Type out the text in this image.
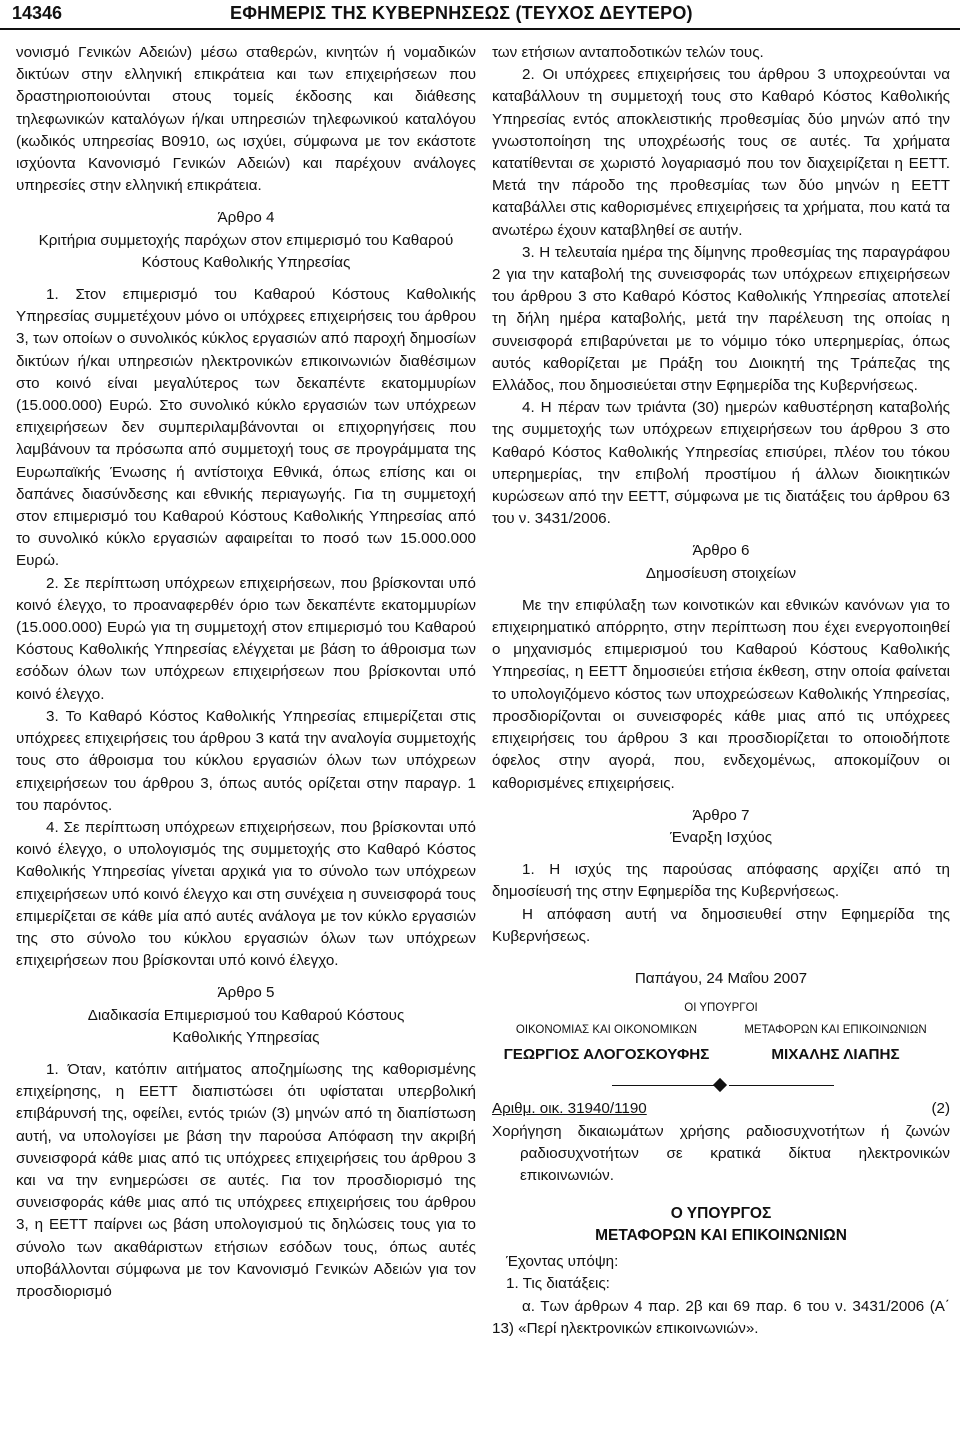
14346	ΕΦΗΜΕΡΙΣ ΤΗΣ ΚΥΒΕΡΝΗΣΕΩΣ (ΤΕΥΧΟΣ ΔΕΥΤΕΡΟ)

νονισμό Γενικών Αδειών) μέσω σταθερών, κινητών ή νομαδικών δικτύων στην ελληνική επικράτεια και των επιχειρήσεων που δραστηριοποιούνται στους τομείς έκδοσης και διάθεσης τηλεφωνικών καταλόγων ή/και υπηρεσιών τηλεφωνικού καταλόγου (κωδικός υπηρεσίας Β0910, ως ισχύει, σύμφωνα με τον εκάστοτε ισχύοντα Κανονισμό Γενικών Αδειών) και παρέχουν ανάλογες υπηρεσίες στην ελληνική επικράτεια.

Άρθρο 4

Κριτήρια συμμετοχής παρόχων στον επιμερισμό του Καθαρού Κόστους Καθολικής Υπηρεσίας

1. Στον επιμερισμό του Καθαρού Κόστους Καθολικής Υπηρεσίας συμμετέχουν μόνο οι υπόχρεες επιχειρήσεις του άρθρου 3, των οποίων ο συνολικός κύκλος εργασιών από παροχή δημοσίων δικτύων ή/και υπηρεσιών ηλεκτρονικών επικοινωνιών διαθέσιμων στο κοινό είναι μεγαλύτερος των δεκαπέντε εκατομμυρίων (15.000.000) Ευρώ. Στο συνολικό κύκλο εργασιών των υπόχρεων επιχειρήσεων δεν συμπεριλαμβάνονται οι επιχορηγήσεις που λαμβάνουν τα πρόσωπα από συμμετοχή τους σε προγράμματα της Ευρωπαϊκής Ένωσης ή αντίστοιχα Εθνικά, όπως επίσης και οι δαπάνες διασύνδεσης και εθνικής περιαγωγής. Για τη συμμετοχή στον επιμερισμό του Καθαρού Κόστους Καθολικής Υπηρεσίας από το συνολικό κύκλο εργασιών αφαιρείται το ποσό των 15.000.000 Ευρώ.

2. Σε περίπτωση υπόχρεων επιχειρήσεων, που βρίσκονται υπό κοινό έλεγχο, το προαναφερθέν όριο των δεκαπέντε εκατομμυρίων (15.000.000) Ευρώ για τη συμμετοχή στον επιμερισμό του Καθαρού Κόστους Καθολικής Υπηρεσίας ελέγχεται με βάση το άθροισμα των εσόδων όλων των υπόχρεων επιχειρήσεων που βρίσκονται υπό κοινό έλεγχο.

3. Το Καθαρό Κόστος Καθολικής Υπηρεσίας επιμερίζεται στις υπόχρεες επιχειρήσεις του άρθρου 3 κατά την αναλογία συμμετοχής τους στο άθροισμα του κύκλου εργασιών όλων των υπόχρεων επιχειρήσεων του άρθρου 3, όπως αυτός ορίζεται στην παραγρ. 1 του παρόντος.

4. Σε περίπτωση υπόχρεων επιχειρήσεων, που βρίσκονται υπό κοινό έλεγχο, ο υπολογισμός της συμμετοχής στο Καθαρό Κόστος Καθολικής Υπηρεσίας γίνεται αρχικά για το σύνολο των υπόχρεων επιχειρήσεων υπό κοινό έλεγχο και στη συνέχεια η συνεισφορά τους επιμερίζεται σε κάθε μία από αυτές ανάλογα με τον κύκλο εργασιών της στο σύνολο του κύκλου εργασιών όλων των υπόχρεων επιχειρήσεων που βρίσκονται υπό κοινό έλεγχο.

Άρθρο 5

Διαδικασία Επιμερισμού του Καθαρού Κόστους Καθολικής Υπηρεσίας

1. Όταν, κατόπιν αιτήματος αποζημίωσης της καθορισμένης επιχείρησης, η ΕΕΤΤ διαπιστώσει ότι υφίσταται υπερβολική επιβάρυνσή της, οφείλει, εντός τριών (3) μηνών από τη διαπίστωση αυτή, να υπολογίσει με βάση την παρούσα Απόφαση την ακριβή συνεισφορά κάθε μιας από τις υπόχρεες επιχειρήσεις του άρθρου 3 και να την ενημερώσει σε αυτές. Για τον προσδιορισμό της συνεισφοράς κάθε μιας από τις υπόχρεες επιχειρήσεις του άρθρου 3, η ΕΕΤΤ παίρνει ως βάση υπολογισμού τις δηλώσεις τους για το σύνολο των ακαθάριστων ετήσιων εσόδων τους, όπως αυτές υποβάλλονται σύμφωνα με τον Κανονισμό Γενικών Αδειών για τον προσδιορισμό

των ετήσιων ανταποδοτικών τελών τους.

2. Οι υπόχρεες επιχειρήσεις του άρθρου 3 υποχρεούνται να καταβάλλουν τη συμμετοχή τους στο Καθαρό Κόστος Καθολικής Υπηρεσίας εντός αποκλειστικής προθεσμίας δύο μηνών από την γνωστοποίηση της υποχρέωσής τους σε αυτές. Τα χρήματα κατατίθενται σε χωριστό λογαριασμό που τον διαχειρίζεται η ΕΕΤΤ. Μετά την πάροδο της προθεσμίας των δύο μηνών η ΕΕΤΤ καταβάλλει στις καθορισμένες επιχειρήσεις τα χρήματα, που κατά τα ανωτέρω έχουν καταβληθεί σε αυτήν.

3. Η τελευταία ημέρα της δίμηνης προθεσμίας της παραγράφου 2 για την καταβολή της συνεισφοράς των υπόχρεων επιχειρήσεων του άρθρου 3 στο Καθαρό Κόστος Καθολικής Υπηρεσίας αποτελεί τη δήλη ημέρα καταβολής, μετά την παρέλευση της οποίας η συνεισφορά επιβαρύνεται με το νόμιμο τόκο υπερημερίας, όπως αυτός καθορίζεται με Πράξη του Διοικητή της Τράπεζας της Ελλάδος, που δημοσιεύεται στην Εφημερίδα της Κυβερνήσεως.

4. Η πέραν των τριάντα (30) ημερών καθυστέρηση καταβολής της συμμετοχής των υπόχρεων επιχειρήσεων του άρθρου 3 στο Καθαρό Κόστος Καθολικής Υπηρεσίας επισύρει, πλέον του τόκου υπερημερίας, την επιβολή προστίμου ή άλλων διοικητικών κυρώσεων από την ΕΕΤΤ, σύμφωνα με τις διατάξεις του άρθρου 63 του ν. 3431/2006.

Άρθρο 6

Δημοσίευση στοιχείων

Με την επιφύλαξη των κοινοτικών και εθνικών κανόνων για το επιχειρηματικό απόρρητο, στην περίπτωση που έχει ενεργοποιηθεί ο μηχανισμός επιμερισμού του Καθαρού Κόστους Καθολικής Υπηρεσίας, η ΕΕΤΤ δημοσιεύει ετήσια έκθεση, στην οποία φαίνεται το υπολογιζόμενο κόστος των υποχρεώσεων Καθολικής Υπηρεσίας, προσδιορίζονται οι συνεισφορές κάθε μιας από τις υπόχρεες επιχειρήσεις του άρθρου 3 και προσδιορίζεται το οποιοδήποτε όφελος στην αγορά, που, ενδεχομένως, αποκομίζουν οι καθορισμένες επιχειρήσεις.

Άρθρο 7

Έναρξη Ισχύος

1. Η ισχύς της παρούσας απόφασης αρχίζει από τη δημοσίευσή της στην Εφημερίδα της Κυβερνήσεως.

Η απόφαση αυτή να δημοσιευθεί στην Εφημερίδα της Κυβερνήσεως.

Παπάγου, 24 Μαΐου 2007

ΟΙ ΥΠΟΥΡΓΟΙ

ΟΙΚΟΝΟΜΙΑΣ ΚΑΙ ΟΙΚΟΝΟΜΙΚΩΝ
ΓΕΩΡΓΙΟΣ ΑΛΟΓΟΣΚΟΥΦΗΣ
ΜΕΤΑΦΟΡΩΝ ΚΑΙ ΕΠΙΚΟΙΝΩΝΙΩΝ
ΜΙΧΑΛΗΣ ΛΙΑΠΗΣ
Αριθμ. οικ. 31940/1190	(2)

Χορήγηση δικαιωμάτων χρήσης ραδιοσυχνοτήτων ή ζωνών ραδιοσυχνοτήτων σε κρατικά δίκτυα ηλεκτρονικών επικοινωνιών.

Ο ΥΠΟΥΡΓΟΣ
ΜΕΤΑΦΟΡΩΝ ΚΑΙ ΕΠΙΚΟΙΝΩΝΙΩΝ

Έχοντας υπόψη:

1. Τις διατάξεις:

α. Των άρθρων 4 παρ. 2β και 69 παρ. 6 του ν. 3431/2006 (Α΄ 13) «Περί ηλεκτρονικών επικοινωνιών».
